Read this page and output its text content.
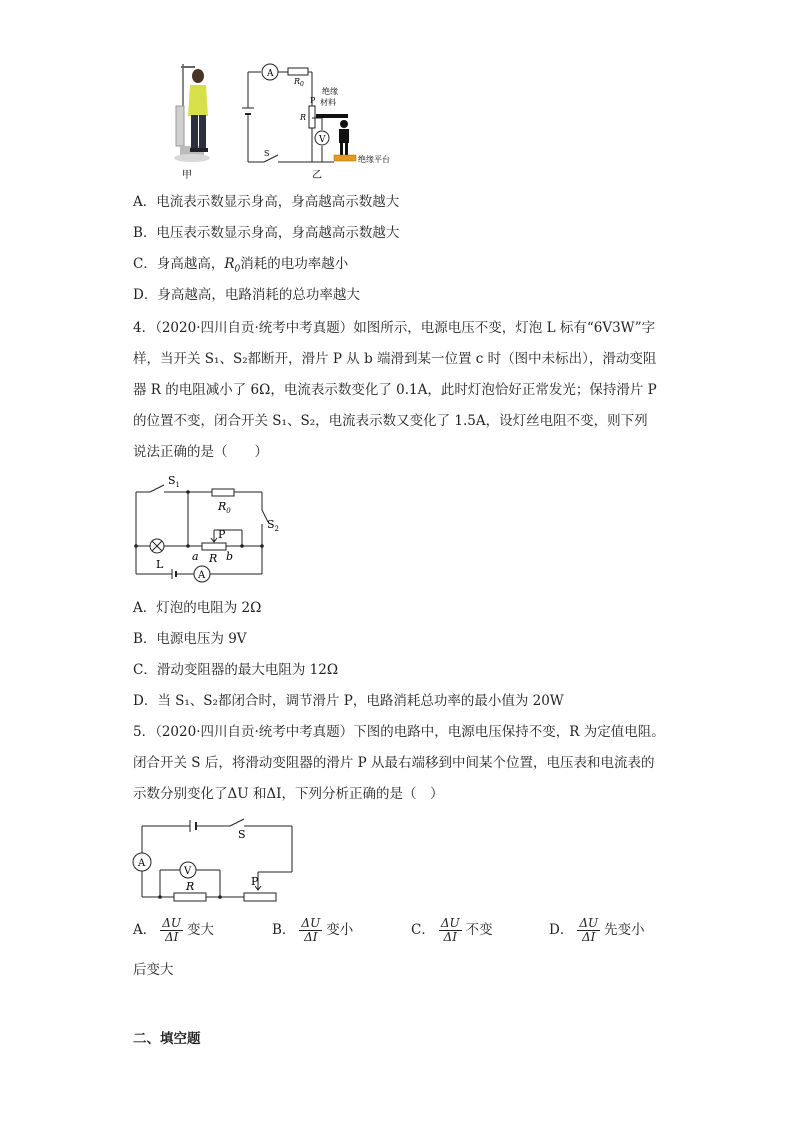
甲
A
V
$R_0$
R
P
绝缘
材料
S
绝缘平台
乙
A．电流表示数显示身高，身高越高示数越大
B．电压表示数显示身高，身高越高示数越大
C．身高越高，$R_0$消耗的电功率越小
D．身高越高，电路消耗的总功率越大
4．（2020·四川自贡·统考中考真题）如图所示，电源电压不变，灯泡 L 标有“6V3W”字
样，当开关 S₁、S₂都断开，滑片 P 从 b 端滑到某一位置 c 时（图中未标出），滑动变阻
器 R 的电阻减小了 6Ω，电流表示数变化了 0.1A，此时灯泡恰好正常发光；保持滑片 P
的位置不变，闭合开关 S₁、S₂，电流表示数又变化了 1.5A，设灯丝电阻不变，则下列
说法正确的是（　　）
$S_1$
$S_2$
$R_0$
P
a R b
L
A
A．灯泡的电阻为 2Ω
B．电源电压为 9V
C．滑动变阻器的最大电阻为 12Ω
D．当 S₁、S₂都闭合时，调节滑片 P，电路消耗总功率的最小值为 20W
5．（2020·四川自贡·统考中考真题）下图的电路中，电源电压保持不变，R 为定值电阻。
闭合开关 S 后，将滑动变阻器的滑片 P 从最右端移到中间某个位置，电压表和电流表的
示数分别变化了ΔU 和ΔI，下列分析正确的是（　）
S
A
V
R	P
A． $\frac{\Delta U}{\Delta I}$ 变大	B． $\frac{\Delta U}{\Delta I}$ 变小	C． $\frac{\Delta U}{\Delta I}$ 不变	D． $\frac{\Delta U}{\Delta I}$ 先变小
后变大
二、填空题
